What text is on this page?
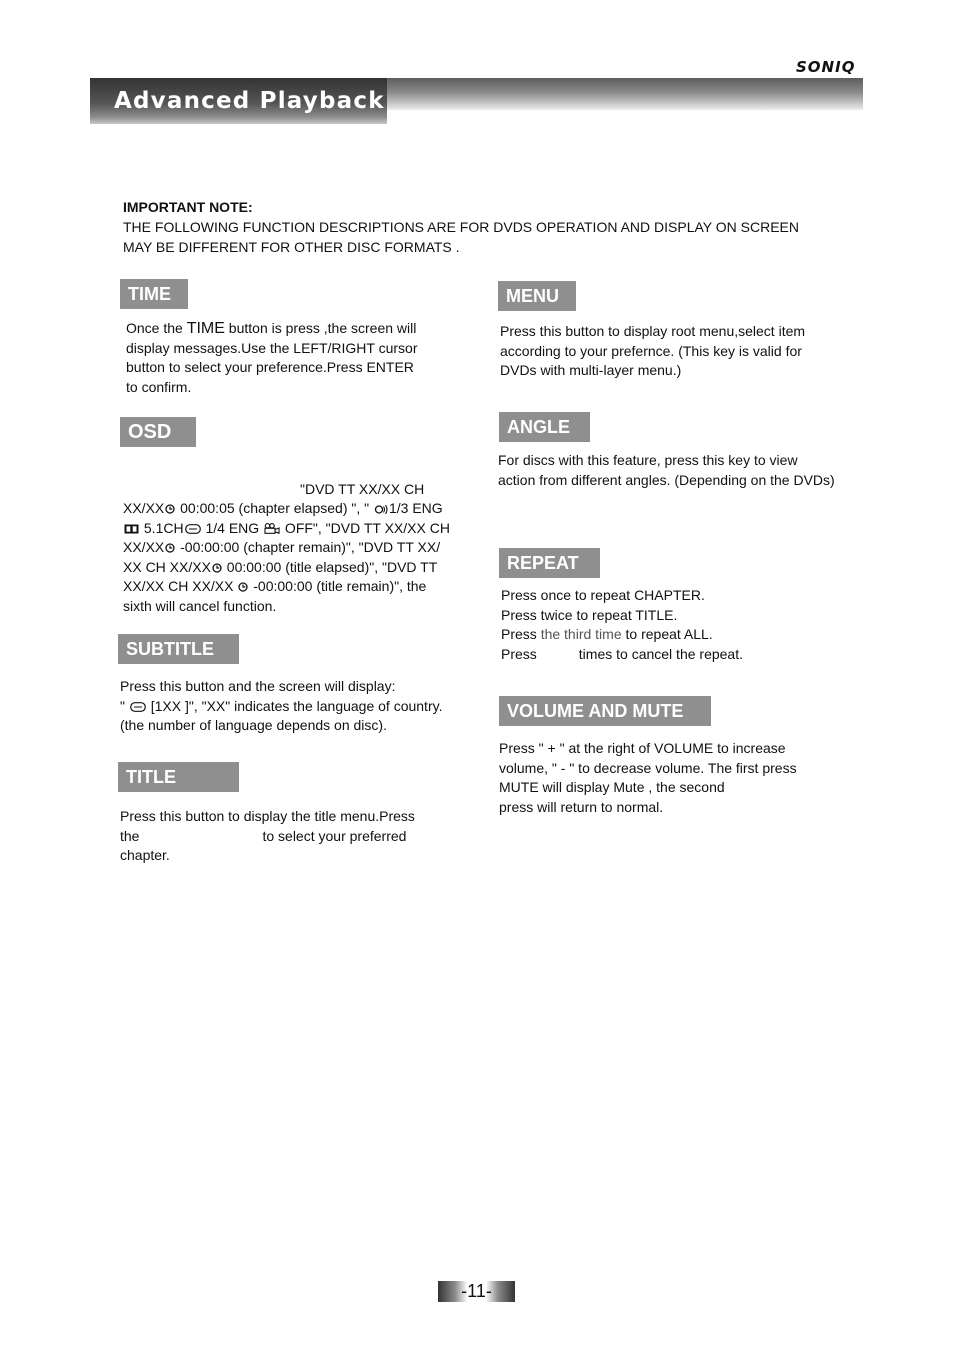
SONIQ
Advanced Playback
IMPORTANT NOTE:
THE FOLLOWING FUNCTION DESCRIPTIONS ARE FOR DVDS OPERATION AND DISPLAY ON SCREEN
MAY BE DIFFERENT FOR OTHER DISC FORMATS .
TIME
Once the TIME button is press ,the screen will
display messages.Use the LEFT/RIGHT cursor
button to select your preference.Press ENTER
to confirm.
OSD
"DVD TT XX/XX CH
XX/XX 00:00:05 (chapter elapsed) ", " 1/3 ENG
5.1CH 1/4 ENG  OFF", "DVD TT XX/XX CH
XX/XX -00:00:00 (chapter remain)", "DVD TT XX/
XX CH XX/XX 00:00:00 (title elapsed)", "DVD TT
XX/XX CH XX/XX  -00:00:00 (title remain)", the
sixth will cancel function.
SUBTITLE
Press this button and the screen will display:
"  [1XX ]", "XX" indicates the language of country.
(the number of language depends on disc).
TITLE
Press this button to display the title menu.Press
the	to select your preferred
chapter.
MENU
Press this button to display root menu,select item
according to your prefernce. (This key is valid for
DVDs with multi-layer menu.)
ANGLE
For discs with this feature, press this key to view
action from different angles. (Depending on the DVDs)
REPEAT
Press once to repeat CHAPTER.
Press twice to repeat TITLE.
Press the third time to repeat ALL.
Press	times to cancel the repeat.
VOLUME AND MUTE
Press " + " at the right of VOLUME to increase
volume, " - " to decrease volume. The first press
MUTE will display Mute , the second
press will return to normal.
-11-
